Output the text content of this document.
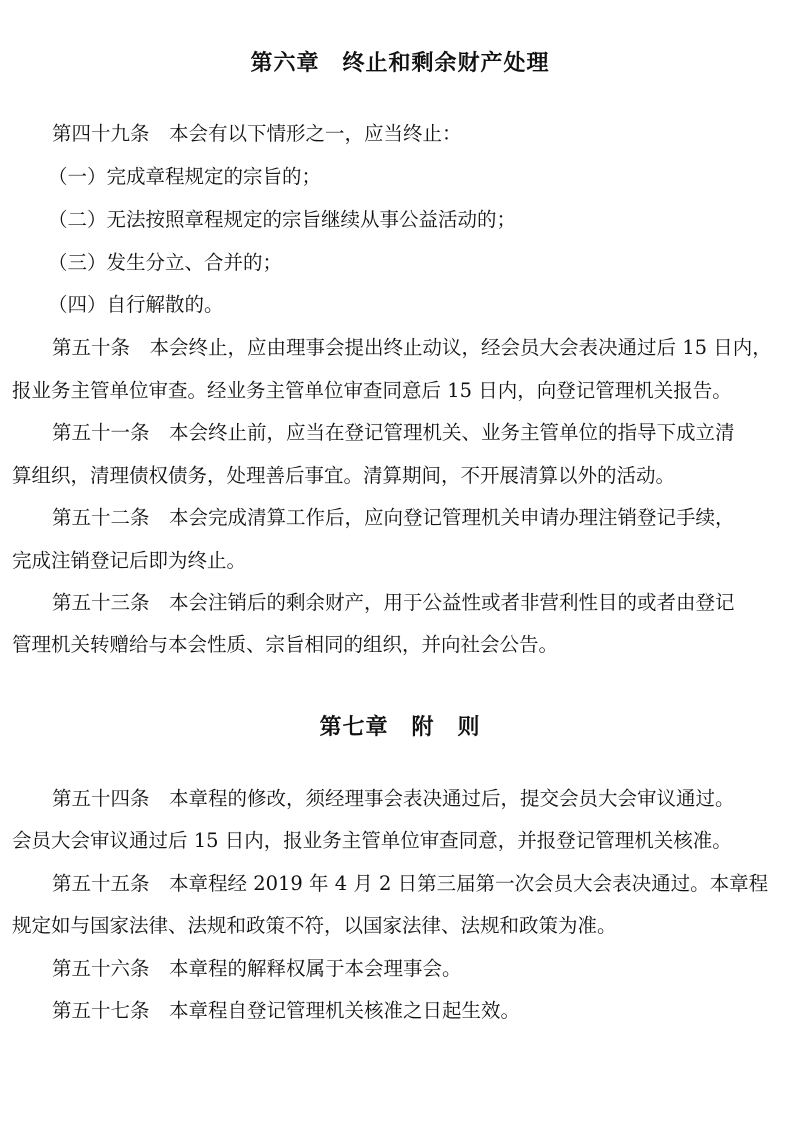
第六章　终止和剩余财产处理

第四十九条　本会有以下情形之一，应当终止：

（一）完成章程规定的宗旨的；

（二）无法按照章程规定的宗旨继续从事公益活动的；

（三）发生分立、合并的；

（四）自行解散的。

第五十条　本会终止，应由理事会提出终止动议，经会员大会表决通过后 15 日内，

报业务主管单位审查。经业务主管单位审查同意后 15 日内，向登记管理机关报告。

第五十一条　本会终止前，应当在登记管理机关、业务主管单位的指导下成立清

算组织，清理债权债务，处理善后事宜。清算期间，不开展清算以外的活动。

第五十二条　本会完成清算工作后，应向登记管理机关申请办理注销登记手续，

完成注销登记后即为终止。

第五十三条　本会注销后的剩余财产，用于公益性或者非营利性目的或者由登记

管理机关转赠给与本会性质、宗旨相同的组织，并向社会公告。

第七章　附　则

第五十四条　本章程的修改，须经理事会表决通过后，提交会员大会审议通过。

会员大会审议通过后 15 日内，报业务主管单位审查同意，并报登记管理机关核准。

第五十五条　本章程经 2019 年 4 月 2 日第三届第一次会员大会表决通过。本章程

规定如与国家法律、法规和政策不符，以国家法律、法规和政策为准。

第五十六条　本章程的解释权属于本会理事会。

第五十七条　本章程自登记管理机关核准之日起生效。
